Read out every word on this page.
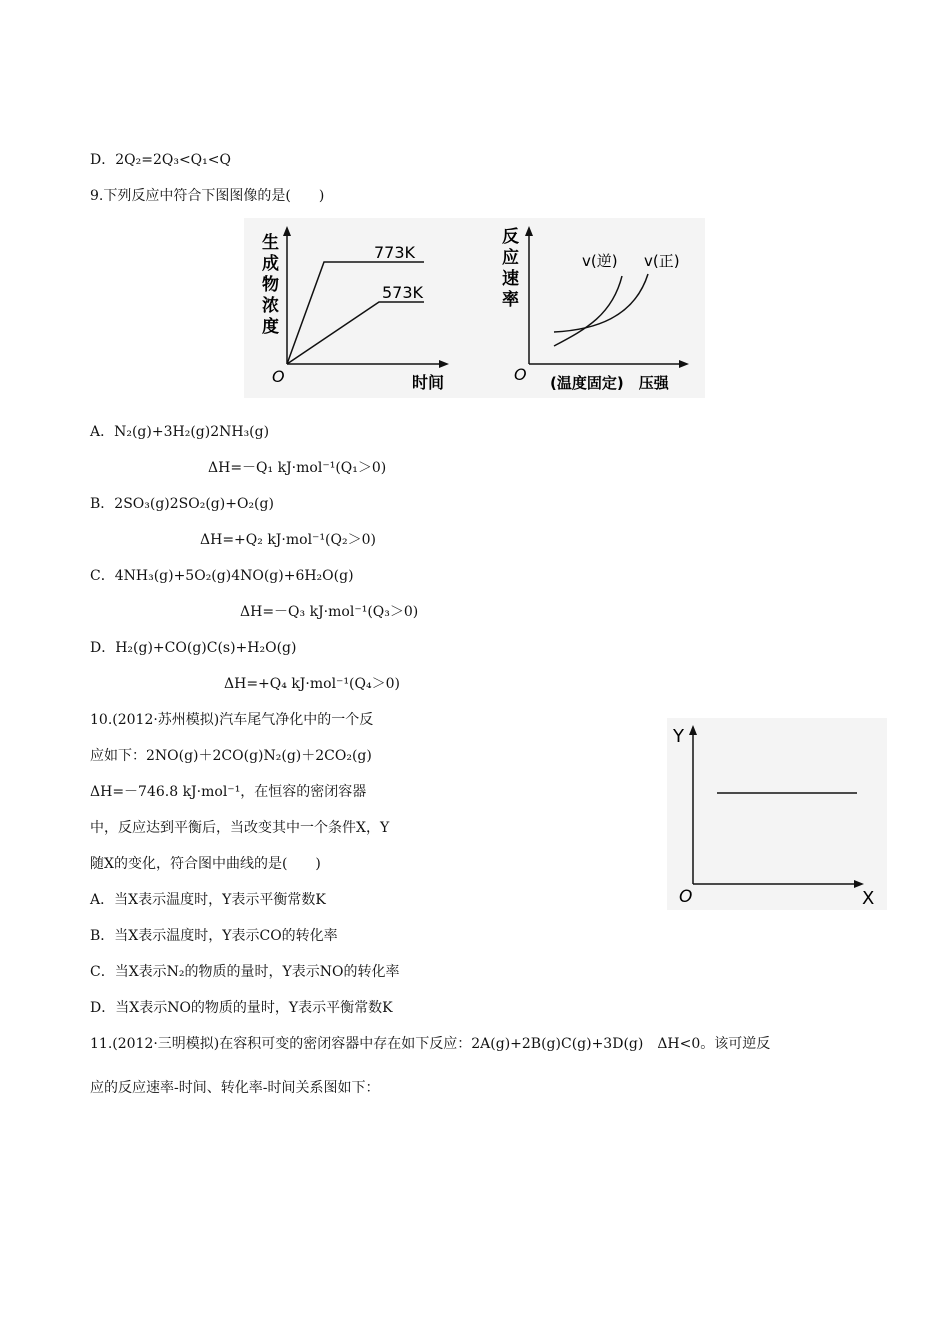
D．2Q₂=2Q₃<Q₁<Q
9.下列反应中符合下图图像的是(　　)
生
成
物
浓
度
773K
573K
O	时间
反
应
速
率
v(逆) v(正)
O (温度固定)　压强
A．N₂(g)+3H₂(g)2NH₃(g)
ΔH=－Q₁ kJ·mol⁻¹(Q₁＞0)
B．2SO₃(g)2SO₂(g)+O₂(g)
ΔH=+Q₂ kJ·mol⁻¹(Q₂＞0)
C．4NH₃(g)+5O₂(g)4NO(g)+6H₂O(g)
ΔH=－Q₃ kJ·mol⁻¹(Q₃＞0)
D．H₂(g)+CO(g)C(s)+H₂O(g)
ΔH=+Q₄ kJ·mol⁻¹(Q₄＞0)
10.(2012·苏州模拟)汽车尾气净化中的一个反
应如下：2NO(g)＋2CO(g)N₂(g)＋2CO₂(g)
ΔH=－746.8 kJ·mol⁻¹，在恒容的密闭容器
中，反应达到平衡后，当改变其中一个条件X，Y
随X的变化，符合图中曲线的是(　　)
Y
O	X
A．当X表示温度时，Y表示平衡常数K
B．当X表示温度时，Y表示CO的转化率
C．当X表示N₂的物质的量时，Y表示NO的转化率
D．当X表示NO的物质的量时，Y表示平衡常数K
11.(2012·三明模拟)在容积可变的密闭容器中存在如下反应：2A(g)+2B(g)C(g)+3D(g)　ΔH<0。该可逆反
应的反应速率-时间、转化率-时间关系图如下：
